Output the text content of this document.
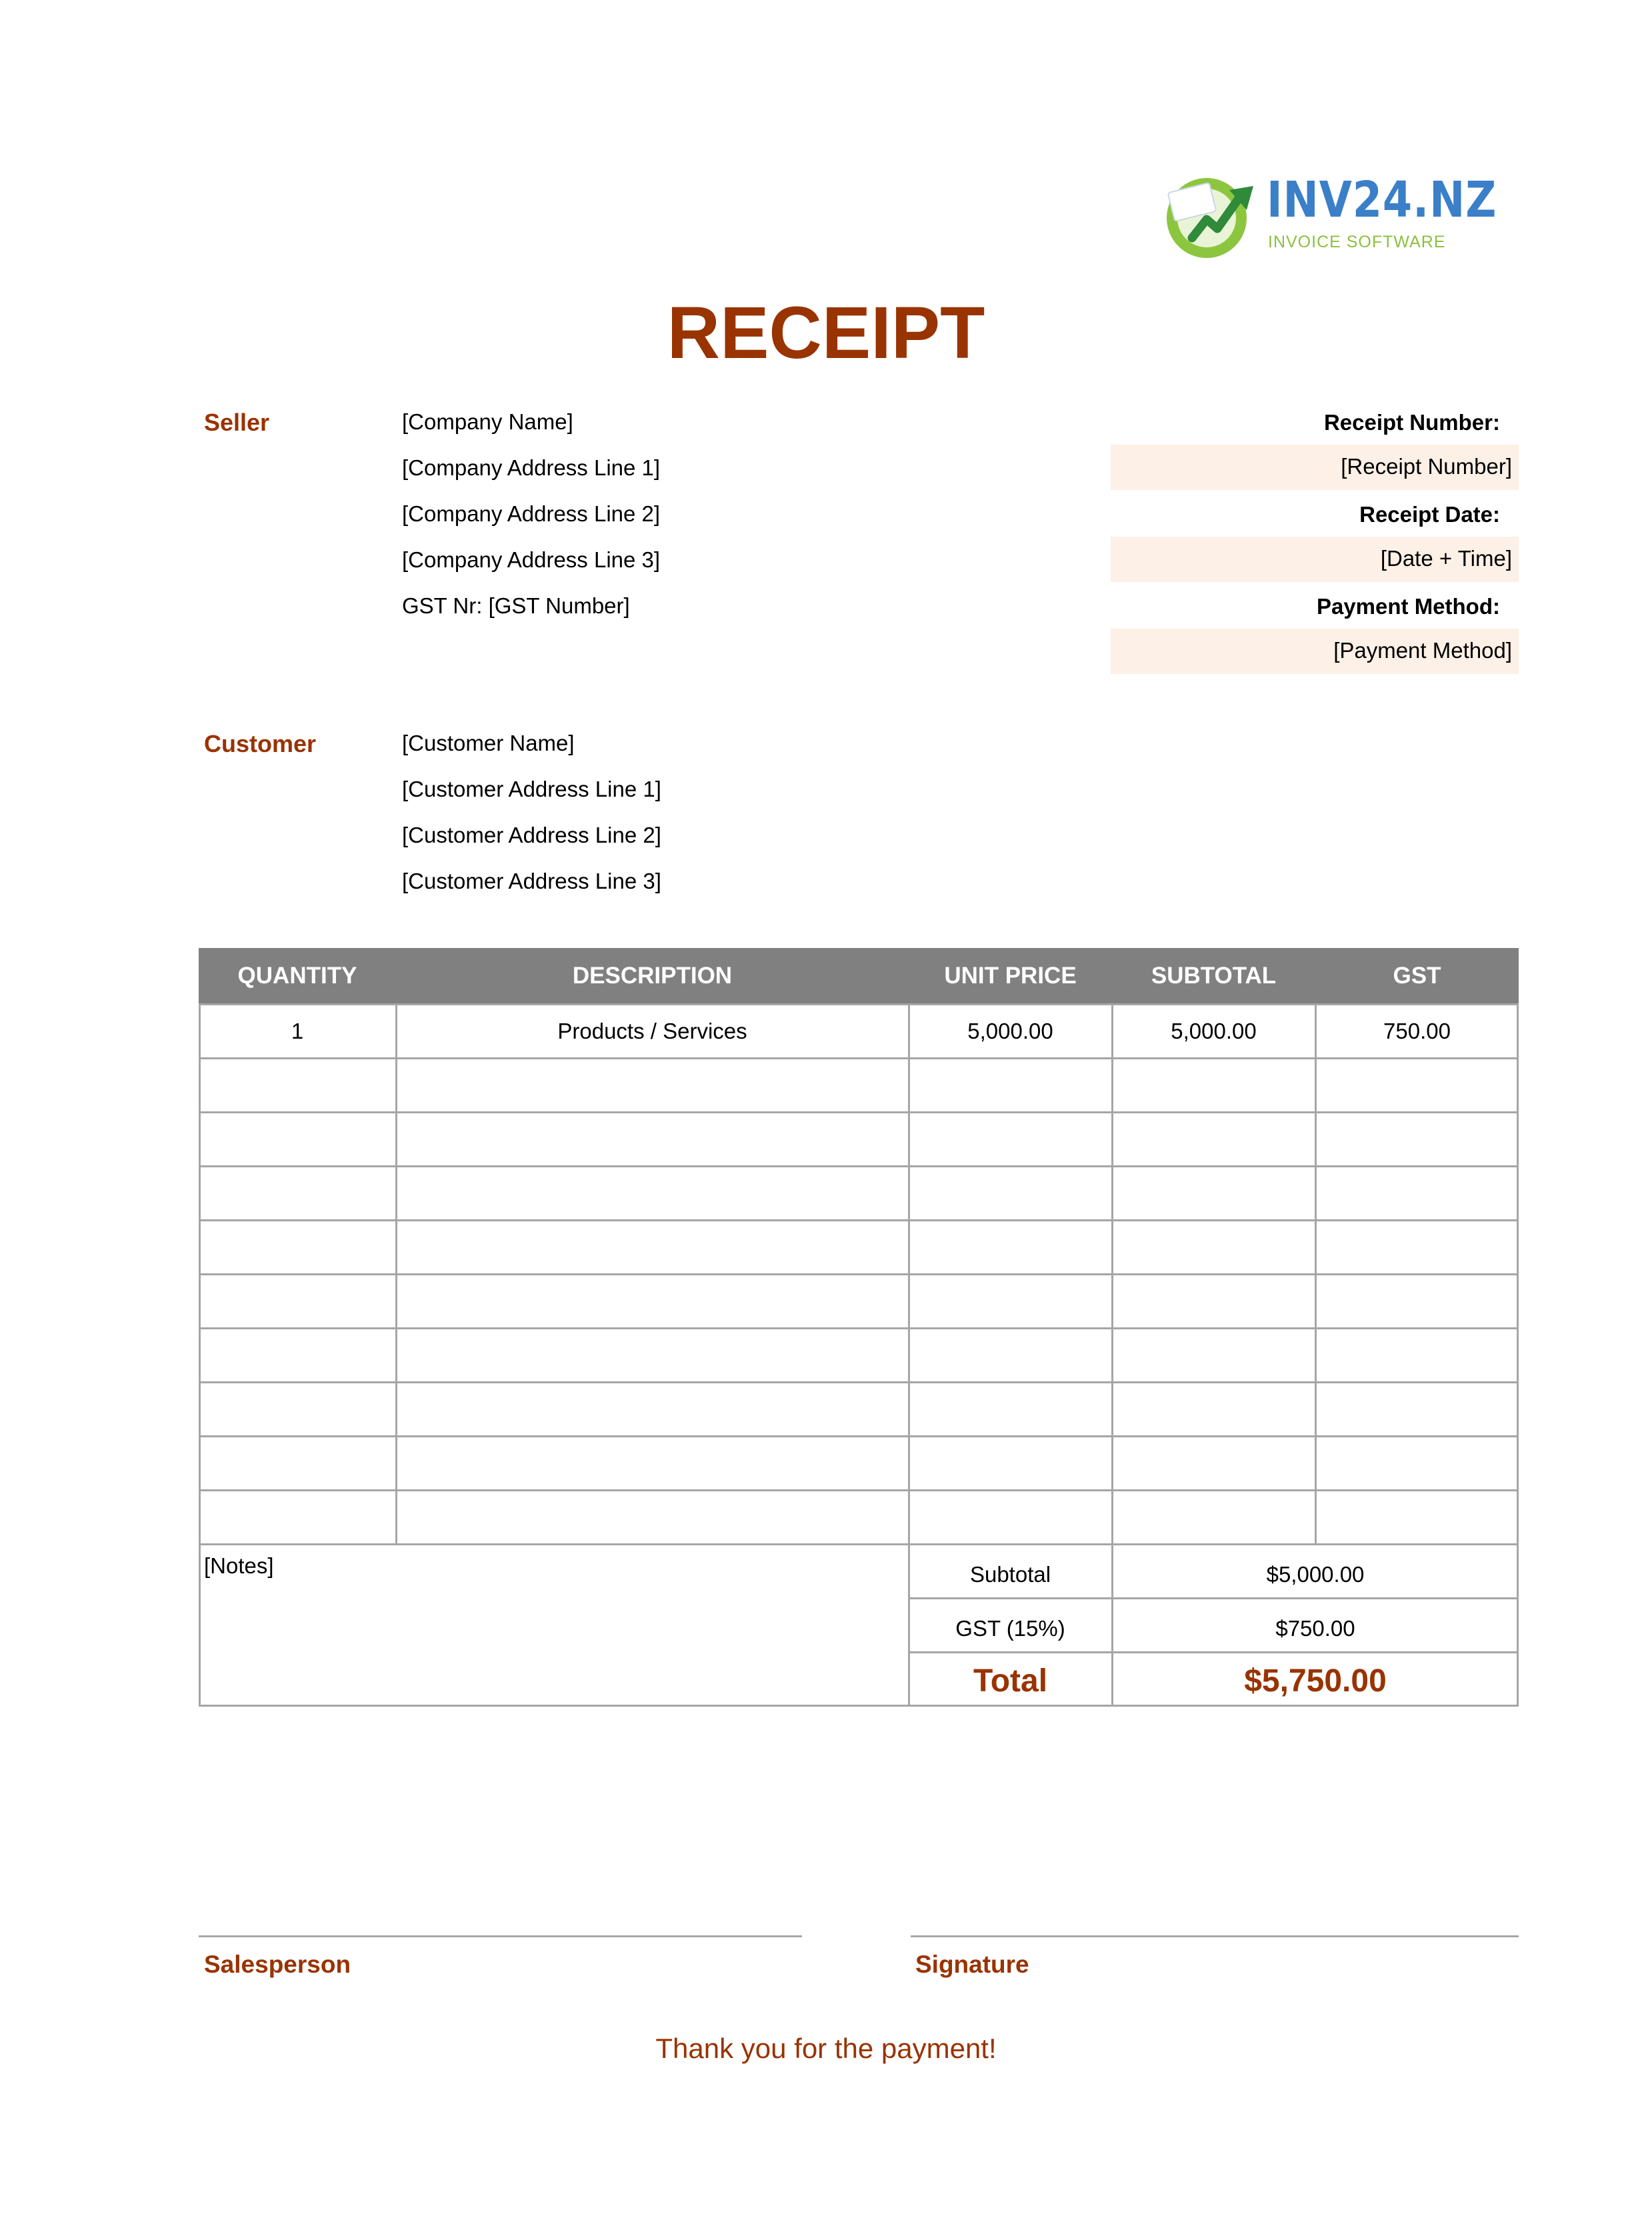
INV24.NZ
INVOICE SOFTWARE
RECEIPT
Seller	[Company Name]
[Company Address Line 1]
[Company Address Line 2]
[Company Address Line 3]
GST Nr: [GST Number]
Receipt Number:
[Receipt Number]
Receipt Date:
[Date + Time]
Payment Method:
[Payment Method]
Customer	[Customer Name]
[Customer Address Line 1]
[Customer Address Line 2]
[Customer Address Line 3]
QUANTITY	DESCRIPTION	UNIT PRICE	SUBTOTAL	GST
1	Products / Services	5,000.00	5,000.00	750.00
[Notes]	Subtotal	$5,000.00
GST (15%)	$750.00
Total	$5,750.00
Salesperson	Signature
Thank you for the payment!
